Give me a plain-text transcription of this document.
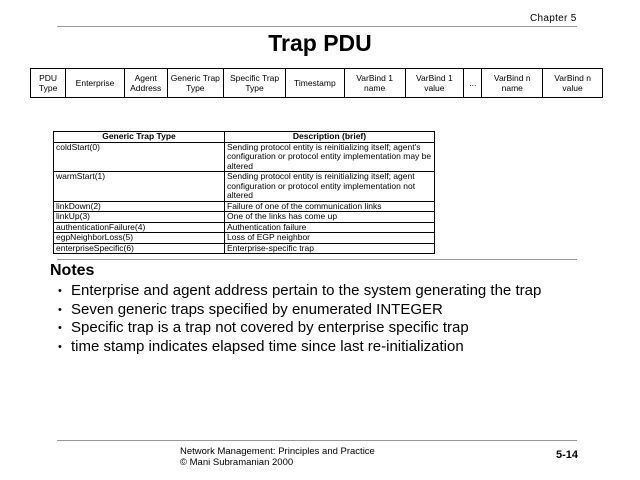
Chapter 5
Trap PDU
PDU Type	Enterprise	Agent Address	Generic Trap Type	Specific Trap Type	Timestamp	VarBind 1 name	VarBind 1 value	...	VarBind n name	VarBind n value
Generic Trap Type	Description (brief)
coldStart(0)	Sending protocol entity is reinitializing itself; agent's configuration or protocol entity implementation may be altered
warmStart(1)	Sending protocol entity is reinitializing itself; agent configuration or protocol entity implementation not altered
linkDown(2)	Failure of one of the communication links
linkUp(3)	One of the links has come up
authenticationFailure(4)	Authentication failure
egpNeighborLoss(5)	Loss of EGP neighbor
enterpriseSpecific(6)	Enterprise-specific trap
Notes
• Enterprise and agent address pertain to the system generating the trap
• Seven generic traps specified by enumerated INTEGER
• Specific trap is a trap not covered by enterprise specific trap
• time stamp indicates elapsed time since last re-initialization
Network Management: Principles and Practice
© Mani Subramanian 2000
5-14
